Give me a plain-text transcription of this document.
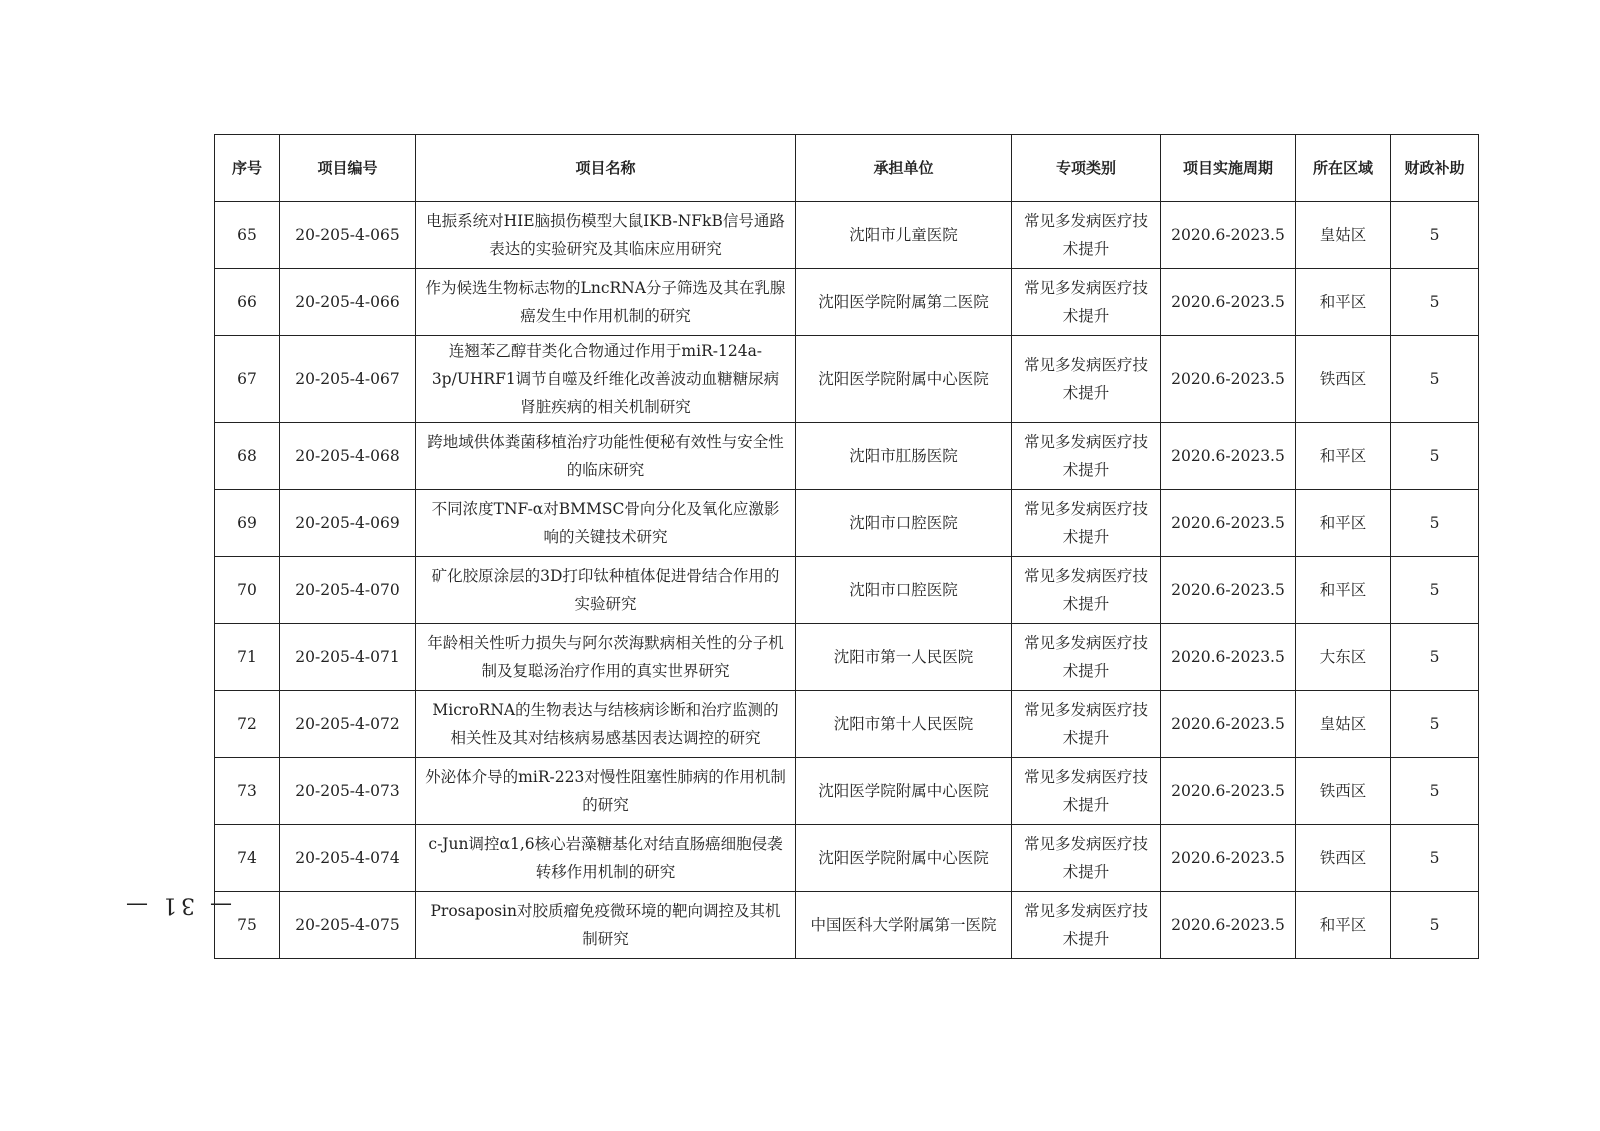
— 31 —
序号	项目编号	项目名称	承担单位	专项类别	项目实施周期	所在区域	财政补助
65	20-205-4-065	电振系统对HIE脑损伤模型大鼠IKB-NFkB信号通路表达的实验研究及其临床应用研究	沈阳市儿童医院	常见多发病医疗技术提升	2020.6-2023.5	皇姑区	5
66	20-205-4-066	作为候选生物标志物的LncRNA分子筛选及其在乳腺癌发生中作用机制的研究	沈阳医学院附属第二医院	常见多发病医疗技术提升	2020.6-2023.5	和平区	5
67	20-205-4-067	连翘苯乙醇苷类化合物通过作用于miR-124a-3p/UHRF1调节自噬及纤维化改善波动血糖糖尿病肾脏疾病的相关机制研究	沈阳医学院附属中心医院	常见多发病医疗技术提升	2020.6-2023.5	铁西区	5
68	20-205-4-068	跨地域供体粪菌移植治疗功能性便秘有效性与安全性的临床研究	沈阳市肛肠医院	常见多发病医疗技术提升	2020.6-2023.5	和平区	5
69	20-205-4-069	不同浓度TNF-α对BMMSC骨向分化及氧化应激影响的关键技术研究	沈阳市口腔医院	常见多发病医疗技术提升	2020.6-2023.5	和平区	5
70	20-205-4-070	矿化胶原涂层的3D打印钛种植体促进骨结合作用的实验研究	沈阳市口腔医院	常见多发病医疗技术提升	2020.6-2023.5	和平区	5
71	20-205-4-071	年龄相关性听力损失与阿尔茨海默病相关性的分子机制及复聪汤治疗作用的真实世界研究	沈阳市第一人民医院	常见多发病医疗技术提升	2020.6-2023.5	大东区	5
72	20-205-4-072	MicroRNA的生物表达与结核病诊断和治疗监测的相关性及其对结核病易感基因表达调控的研究	沈阳市第十人民医院	常见多发病医疗技术提升	2020.6-2023.5	皇姑区	5
73	20-205-4-073	外泌体介导的miR-223对慢性阻塞性肺病的作用机制的研究	沈阳医学院附属中心医院	常见多发病医疗技术提升	2020.6-2023.5	铁西区	5
74	20-205-4-074	c-Jun调控α1,6核心岩藻糖基化对结直肠癌细胞侵袭转移作用机制的研究	沈阳医学院附属中心医院	常见多发病医疗技术提升	2020.6-2023.5	铁西区	5
75	20-205-4-075	Prosaposin对胶质瘤免疫微环境的靶向调控及其机制研究	中国医科大学附属第一医院	常见多发病医疗技术提升	2020.6-2023.5	和平区	5
